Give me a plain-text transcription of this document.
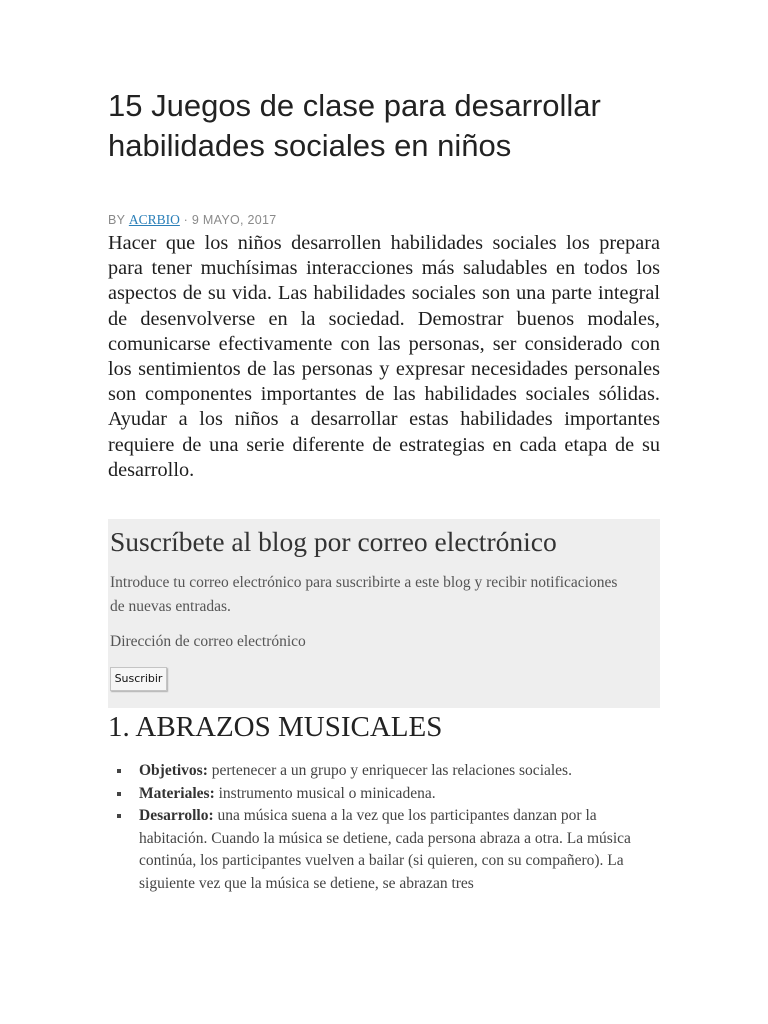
15 Juegos de clase para desarrollar habilidades sociales en niños
BY ACRBIO · 9 MAYO, 2017

Hacer que los niños desarrollen habilidades sociales los prepara para tener muchísimas interacciones más saludables en todos los aspectos de su vida. Las habilidades sociales son una parte integral de desenvolverse en la sociedad. Demostrar buenos modales, comunicarse efectivamente con las personas, ser considerado con los sentimientos de las personas y expresar necesidades personales son componentes importantes de las habilidades sociales sólidas. Ayudar a los niños a desarrollar estas habilidades importantes requiere de una serie diferente de estrategias en cada etapa de su desarrollo.

Suscríbete al blog por correo electrónico

Introduce tu correo electrónico para suscribirte a este blog y recibir notificaciones de nuevas entradas.

Dirección de correo electrónico

Suscribir
1. ABRAZOS MUSICALES
Objetivos: pertenecer a un grupo y enriquecer las relaciones sociales.
Materiales: instrumento musical o minicadena.
Desarrollo: una música suena a la vez que los participantes danzan por la habitación. Cuando la música se detiene, cada persona abraza a otra. La música continúa, los participantes vuelven a bailar (si quieren, con su compañero). La siguiente vez que la música se detiene, se abrazan tres
